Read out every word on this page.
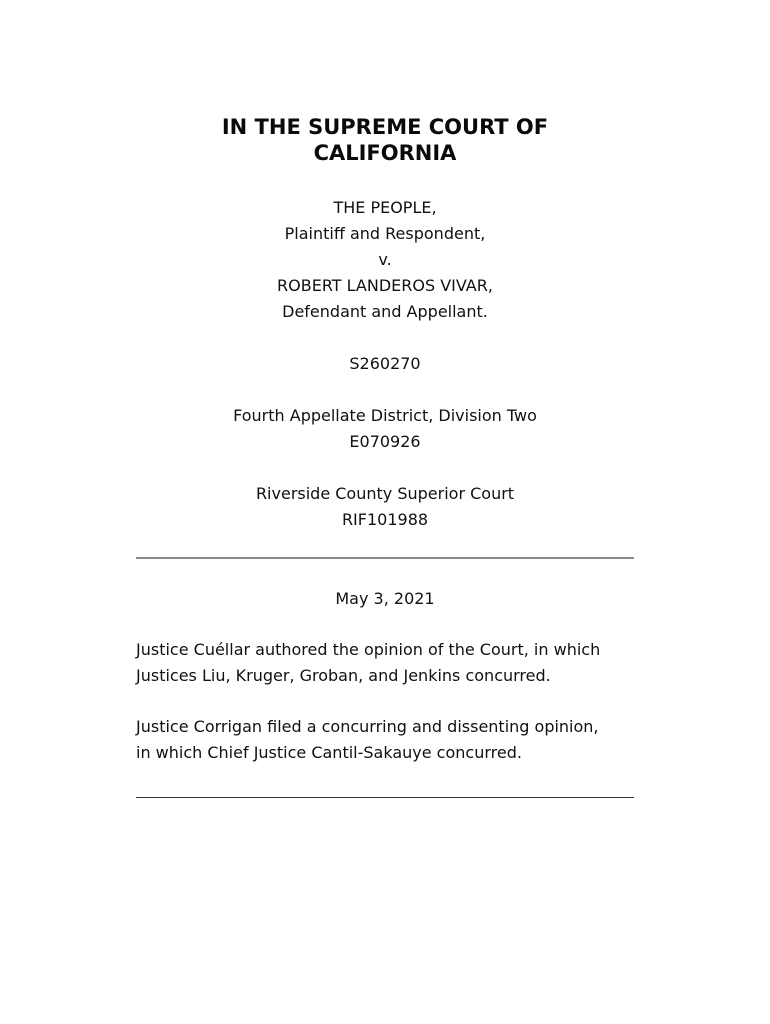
IN THE SUPREME COURT OF
CALIFORNIA
THE PEOPLE,
Plaintiff and Respondent,
v.
ROBERT LANDEROS VIVAR,
Defendant and Appellant.
S260270
Fourth Appellate District, Division Two
E070926
Riverside County Superior Court
RIF101988
May 3, 2021
Justice Cuéllar authored the opinion of the Court, in which
Justices Liu, Kruger, Groban, and Jenkins concurred.
Justice Corrigan filed a concurring and dissenting opinion,
in which Chief Justice Cantil-Sakauye concurred.
